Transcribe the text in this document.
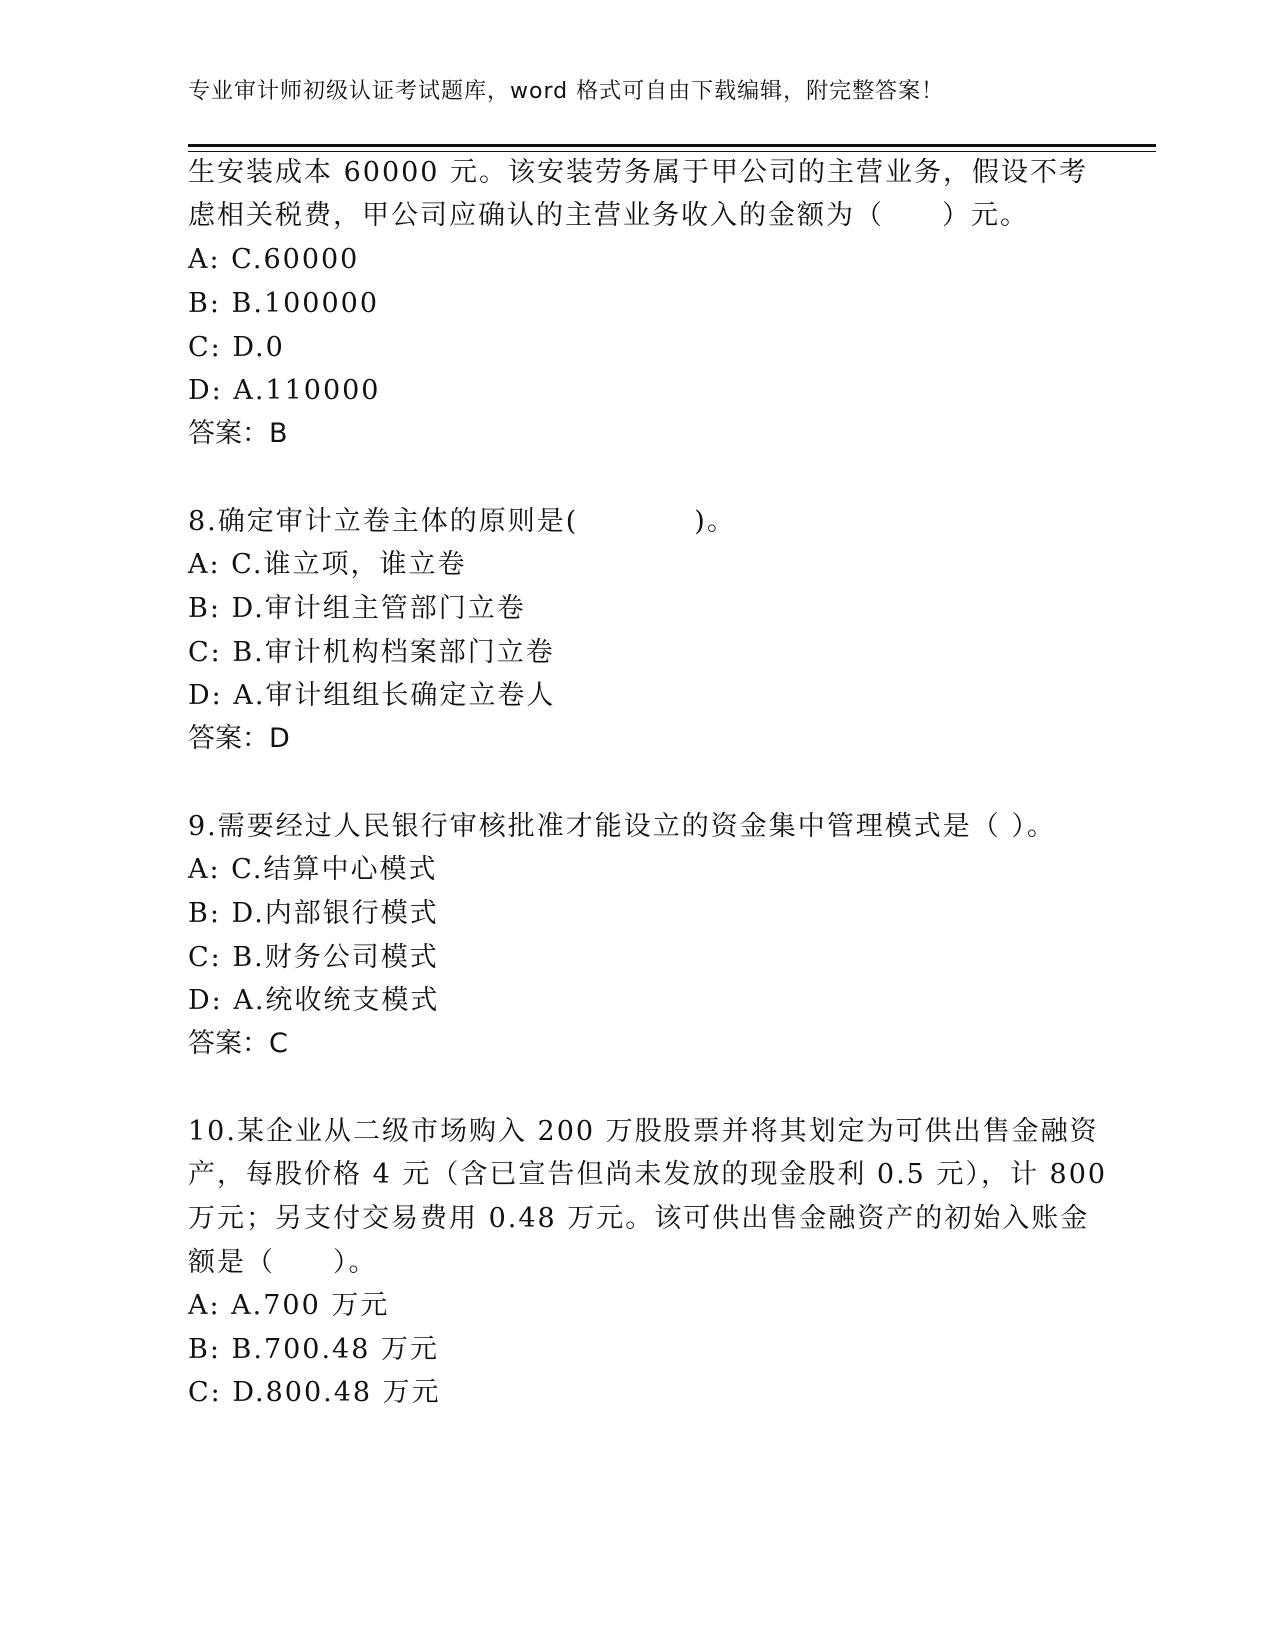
专业审计师初级认证考试题库，word 格式可自由下载编辑，附完整答案！
生安装成本 60000 元。该安装劳务属于甲公司的主营业务，假设不考
虑相关税费，甲公司应确认的主营业务收入的金额为（　　）元。
A: C.60000
B: B.100000
C: D.0
D: A.110000
答案：B
8.确定审计立卷主体的原则是(　　　　)。
A: C.谁立项，谁立卷
B: D.审计组主管部门立卷
C: B.审计机构档案部门立卷
D: A.审计组组长确定立卷人
答案：D
9.需要经过人民银行审核批准才能设立的资金集中管理模式是（ ）。
A: C.结算中心模式
B: D.内部银行模式
C: B.财务公司模式
D: A.统收统支模式
答案：C
10.某企业从二级市场购入 200 万股股票并将其划定为可供出售金融资
产，每股价格 4 元（含已宣告但尚未发放的现金股利 0.5 元），计 800
万元；另支付交易费用 0.48 万元。该可供出售金融资产的初始入账金
额是（　　）。
A: A.700 万元
B: B.700.48 万元
C: D.800.48 万元
